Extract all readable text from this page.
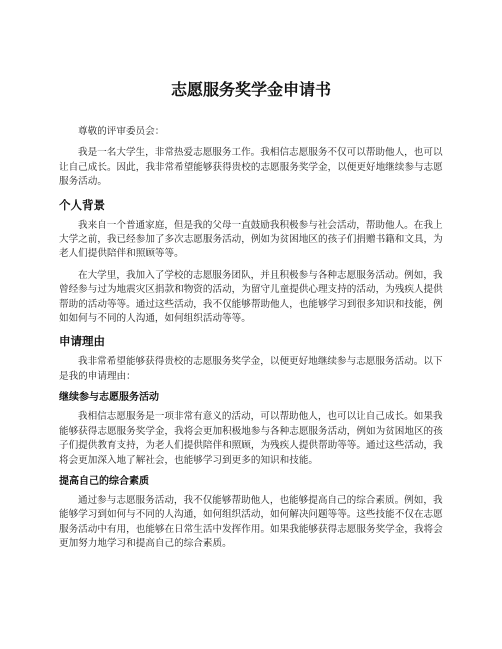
志愿服务奖学金申请书

尊敬的评审委员会：

我是一名大学生，非常热爱志愿服务工作。我相信志愿服务不仅可以帮助他人，也可以让自己成长。因此，我非常希望能够获得贵校的志愿服务奖学金，以便更好地继续参与志愿服务活动。

个人背景

我来自一个普通家庭，但是我的父母一直鼓励我积极参与社会活动，帮助他人。在我上大学之前，我已经参加了多次志愿服务活动，例如为贫困地区的孩子们捐赠书籍和文具，为老人们提供陪伴和照顾等等。

在大学里，我加入了学校的志愿服务团队，并且积极参与各种志愿服务活动。例如，我曾经参与过为地震灾区捐款和物资的活动，为留守儿童提供心理支持的活动，为残疾人提供帮助的活动等等。通过这些活动，我不仅能够帮助他人，也能够学习到很多知识和技能，例如如何与不同的人沟通，如何组织活动等等。

申请理由

我非常希望能够获得贵校的志愿服务奖学金，以便更好地继续参与志愿服务活动。以下是我的申请理由：

继续参与志愿服务活动

我相信志愿服务是一项非常有意义的活动，可以帮助他人，也可以让自己成长。如果我能够获得志愿服务奖学金，我将会更加积极地参与各种志愿服务活动，例如为贫困地区的孩子们提供教育支持，为老人们提供陪伴和照顾，为残疾人提供帮助等等。通过这些活动，我将会更加深入地了解社会，也能够学习到更多的知识和技能。

提高自己的综合素质

通过参与志愿服务活动，我不仅能够帮助他人，也能够提高自己的综合素质。例如，我能够学习到如何与不同的人沟通，如何组织活动，如何解决问题等等。这些技能不仅在志愿服务活动中有用，也能够在日常生活中发挥作用。如果我能够获得志愿服务奖学金，我将会更加努力地学习和提高自己的综合素质。
